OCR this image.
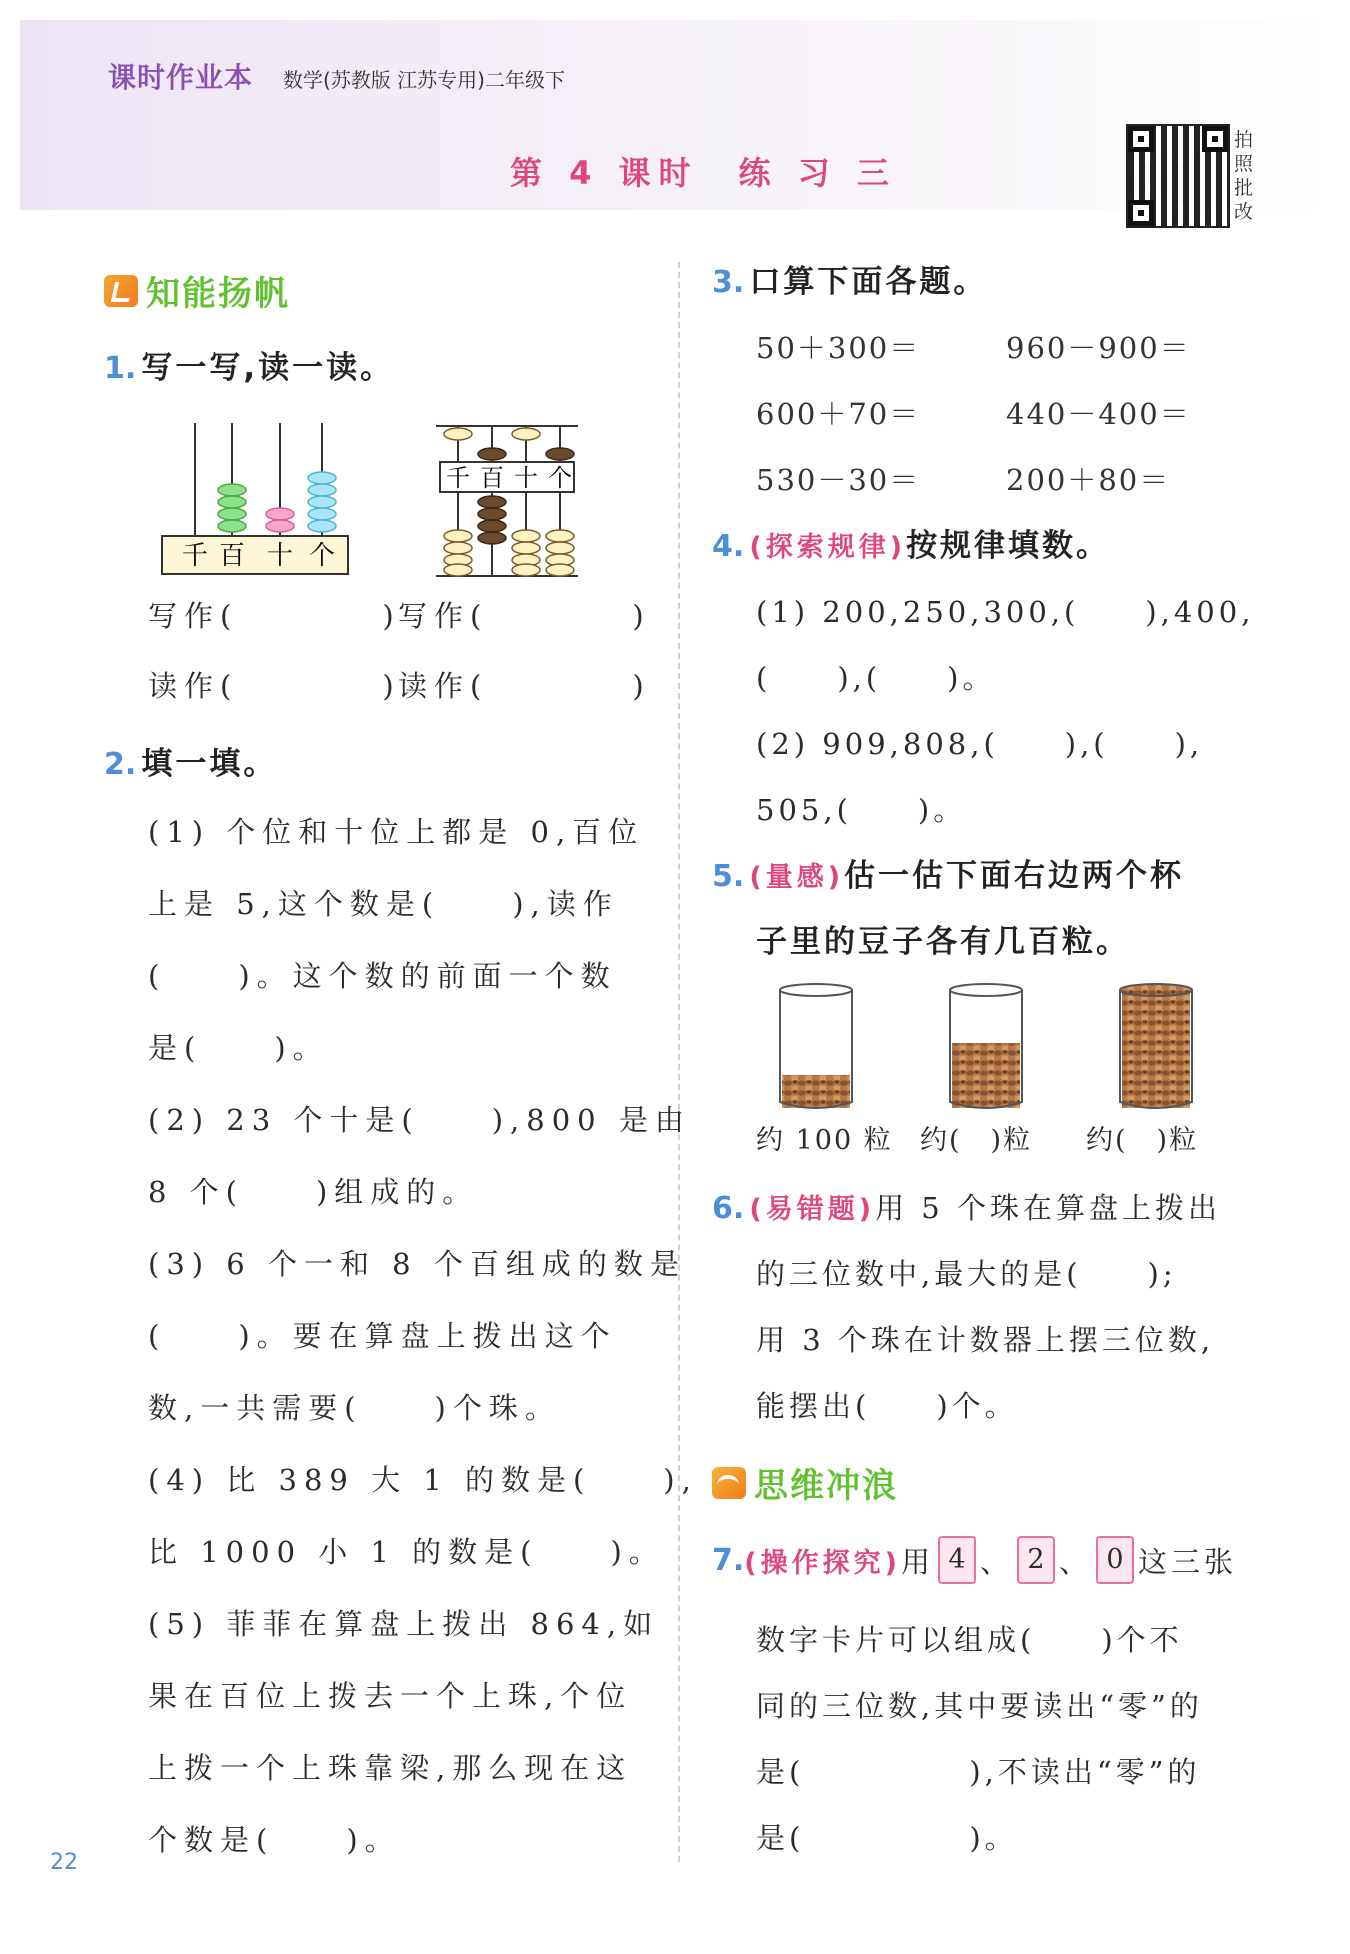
课时作业本 数学(苏教版 江苏专用)二年级下
第 4 课时　练 习 三
拍
照
批
改
知能扬帆
1. 写一写,读一读。
千 百 十 个
千 百 十 个
写作(　　　　)
写作(　　　　)
读作(　　　　)
读作(　　　　)
2. 填一填。
(1) 个位和十位上都是 0,百位
上是 5,这个数是(　　),读作
(　　)。这个数的前面一个数
是(　　)。
(2) 23 个十是(　　),800 是由
8 个(　　)组成的。
(3) 6 个一和 8 个百组成的数是
(　　)。要在算盘上拨出这个
数,一共需要(　　)个珠。
(4) 比 389 大 1 的数是(　　),
比 1000 小 1 的数是(　　)。
(5) 菲菲在算盘上拨出 864,如
果在百位上拨去一个上珠,个位
上拨一个上珠靠梁,那么现在这
个数是(　　)。
22
3. 口算下面各题。
50＋300＝	960－900＝
600＋70＝	440－400＝
530－30＝	200＋80＝
4. (探索规律)按规律填数。
(1) 200,250,300,(　　),400,
(　　),(　　)。
(2) 909,808,(　　),(　　),
505,(　　)。
5. (量感)估一估下面右边两个杯
子里的豆子各有几百粒。
约 100 粒 约(　)粒 约(　)粒
6. (易错题)用 5 个珠在算盘上拨出
的三位数中,最大的是(　　);
用 3 个珠在计数器上摆三位数,
能摆出(　　)个。
思维冲浪
7. (操作探究) 用 4 、 2 、 0 这三张
数字卡片可以组成(　　)个不
同的三位数,其中要读出“零”的
是(　　　　　),不读出“零”的
是(　　　　　)。
